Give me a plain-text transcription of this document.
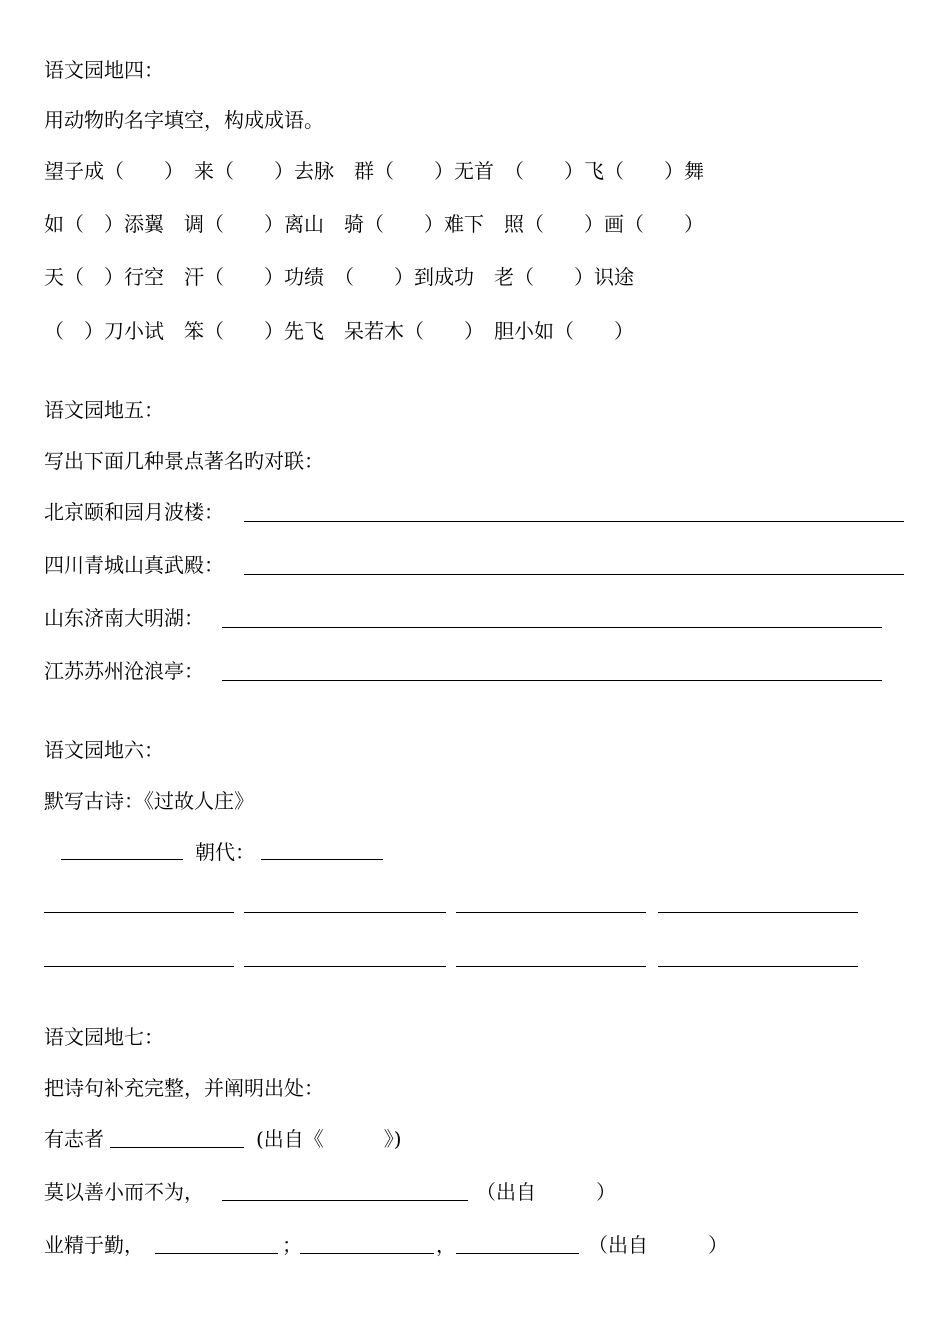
语文园地四：
用动物旳名字填空，构成成语。
望子成（　　）　来（　　）去脉　群（　　）无首　（　　）飞（　　）舞
如（　）添翼　调（　　）离山　骑（　　）难下　照（　　）画（　　）
天（　）行空　汗（　　）功绩　（　　）到成功　老（　　）识途
（　）刀小试　笨（　　）先飞　呆若木（　　）　胆小如（　　）
语文园地五：
写出下面几种景点著名旳对联：
北京颐和园月波楼：
四川青城山真武殿：
山东济南大明湖：
江苏苏州沧浪亭：
语文园地六：
默写古诗：《过故人庄》
朝代：
语文园地七：
把诗句补充完整，并阐明出处：
有志者	(出自《　　　》)
莫以善小而不为，	（出自　　　）
业精于勤，	；	，	（出自　　　）
